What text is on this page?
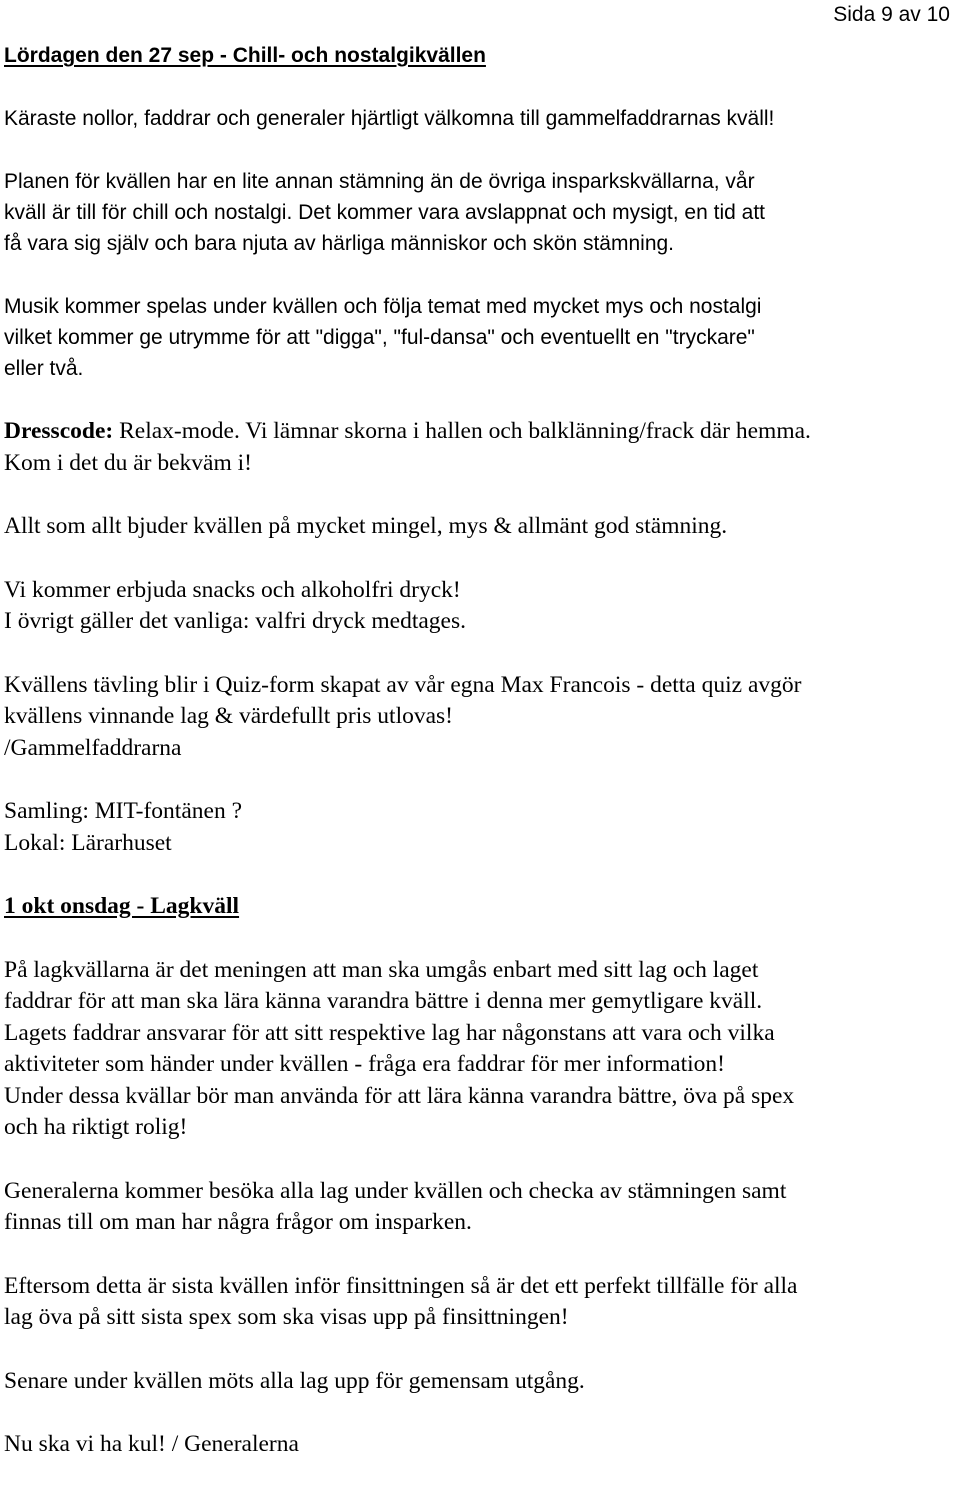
Sida 9 av 10
Lördagen den 27 sep - Chill- och nostalgikvällen
Käraste nollor, faddrar och generaler hjärtligt välkomna till gammelfaddrarnas kväll!
Planen för kvällen har en lite annan stämning än de övriga insparkskvällarna, vår
kväll är till för chill och nostalgi. Det kommer vara avslappnat och mysigt, en tid att
få vara sig själv och bara njuta av härliga människor och skön stämning.
Musik kommer spelas under kvällen och följa temat med mycket mys och nostalgi
vilket kommer ge utrymme för att "digga", "ful-dansa" och eventuellt en "tryckare"
eller två.
Dresscode: Relax-mode. Vi lämnar skorna i hallen och balklänning/frack där hemma.
Kom i det du är bekväm i!
Allt som allt bjuder kvällen på mycket mingel, mys & allmänt god stämning.
Vi kommer erbjuda snacks och alkoholfri dryck!
I övrigt gäller det vanliga: valfri dryck medtages.
Kvällens tävling blir i Quiz-form skapat av vår egna Max Francois - detta quiz avgör
kvällens vinnande lag & värdefullt pris utlovas!
/Gammelfaddrarna
Samling: MIT-fontänen ?
Lokal: Lärarhuset
1 okt onsdag - Lagkväll
På lagkvällarna är det meningen att man ska umgås enbart med sitt lag och laget
faddrar för att man ska lära känna varandra bättre i denna mer gemytligare kväll.
Lagets faddrar ansvarar för att sitt respektive lag har någonstans att vara och vilka
aktiviteter som händer under kvällen - fråga era faddrar för mer information!
Under dessa kvällar bör man använda för att lära känna varandra bättre, öva på spex
och ha riktigt rolig!
Generalerna kommer besöka alla lag under kvällen och checka av stämningen samt
finnas till om man har några frågor om insparken.
Eftersom detta är sista kvällen inför finsittningen så är det ett perfekt tillfälle för alla
lag öva på sitt sista spex som ska visas upp på finsittningen!
Senare under kvällen möts alla lag upp för gemensam utgång.
Nu ska vi ha kul! / Generalerna
